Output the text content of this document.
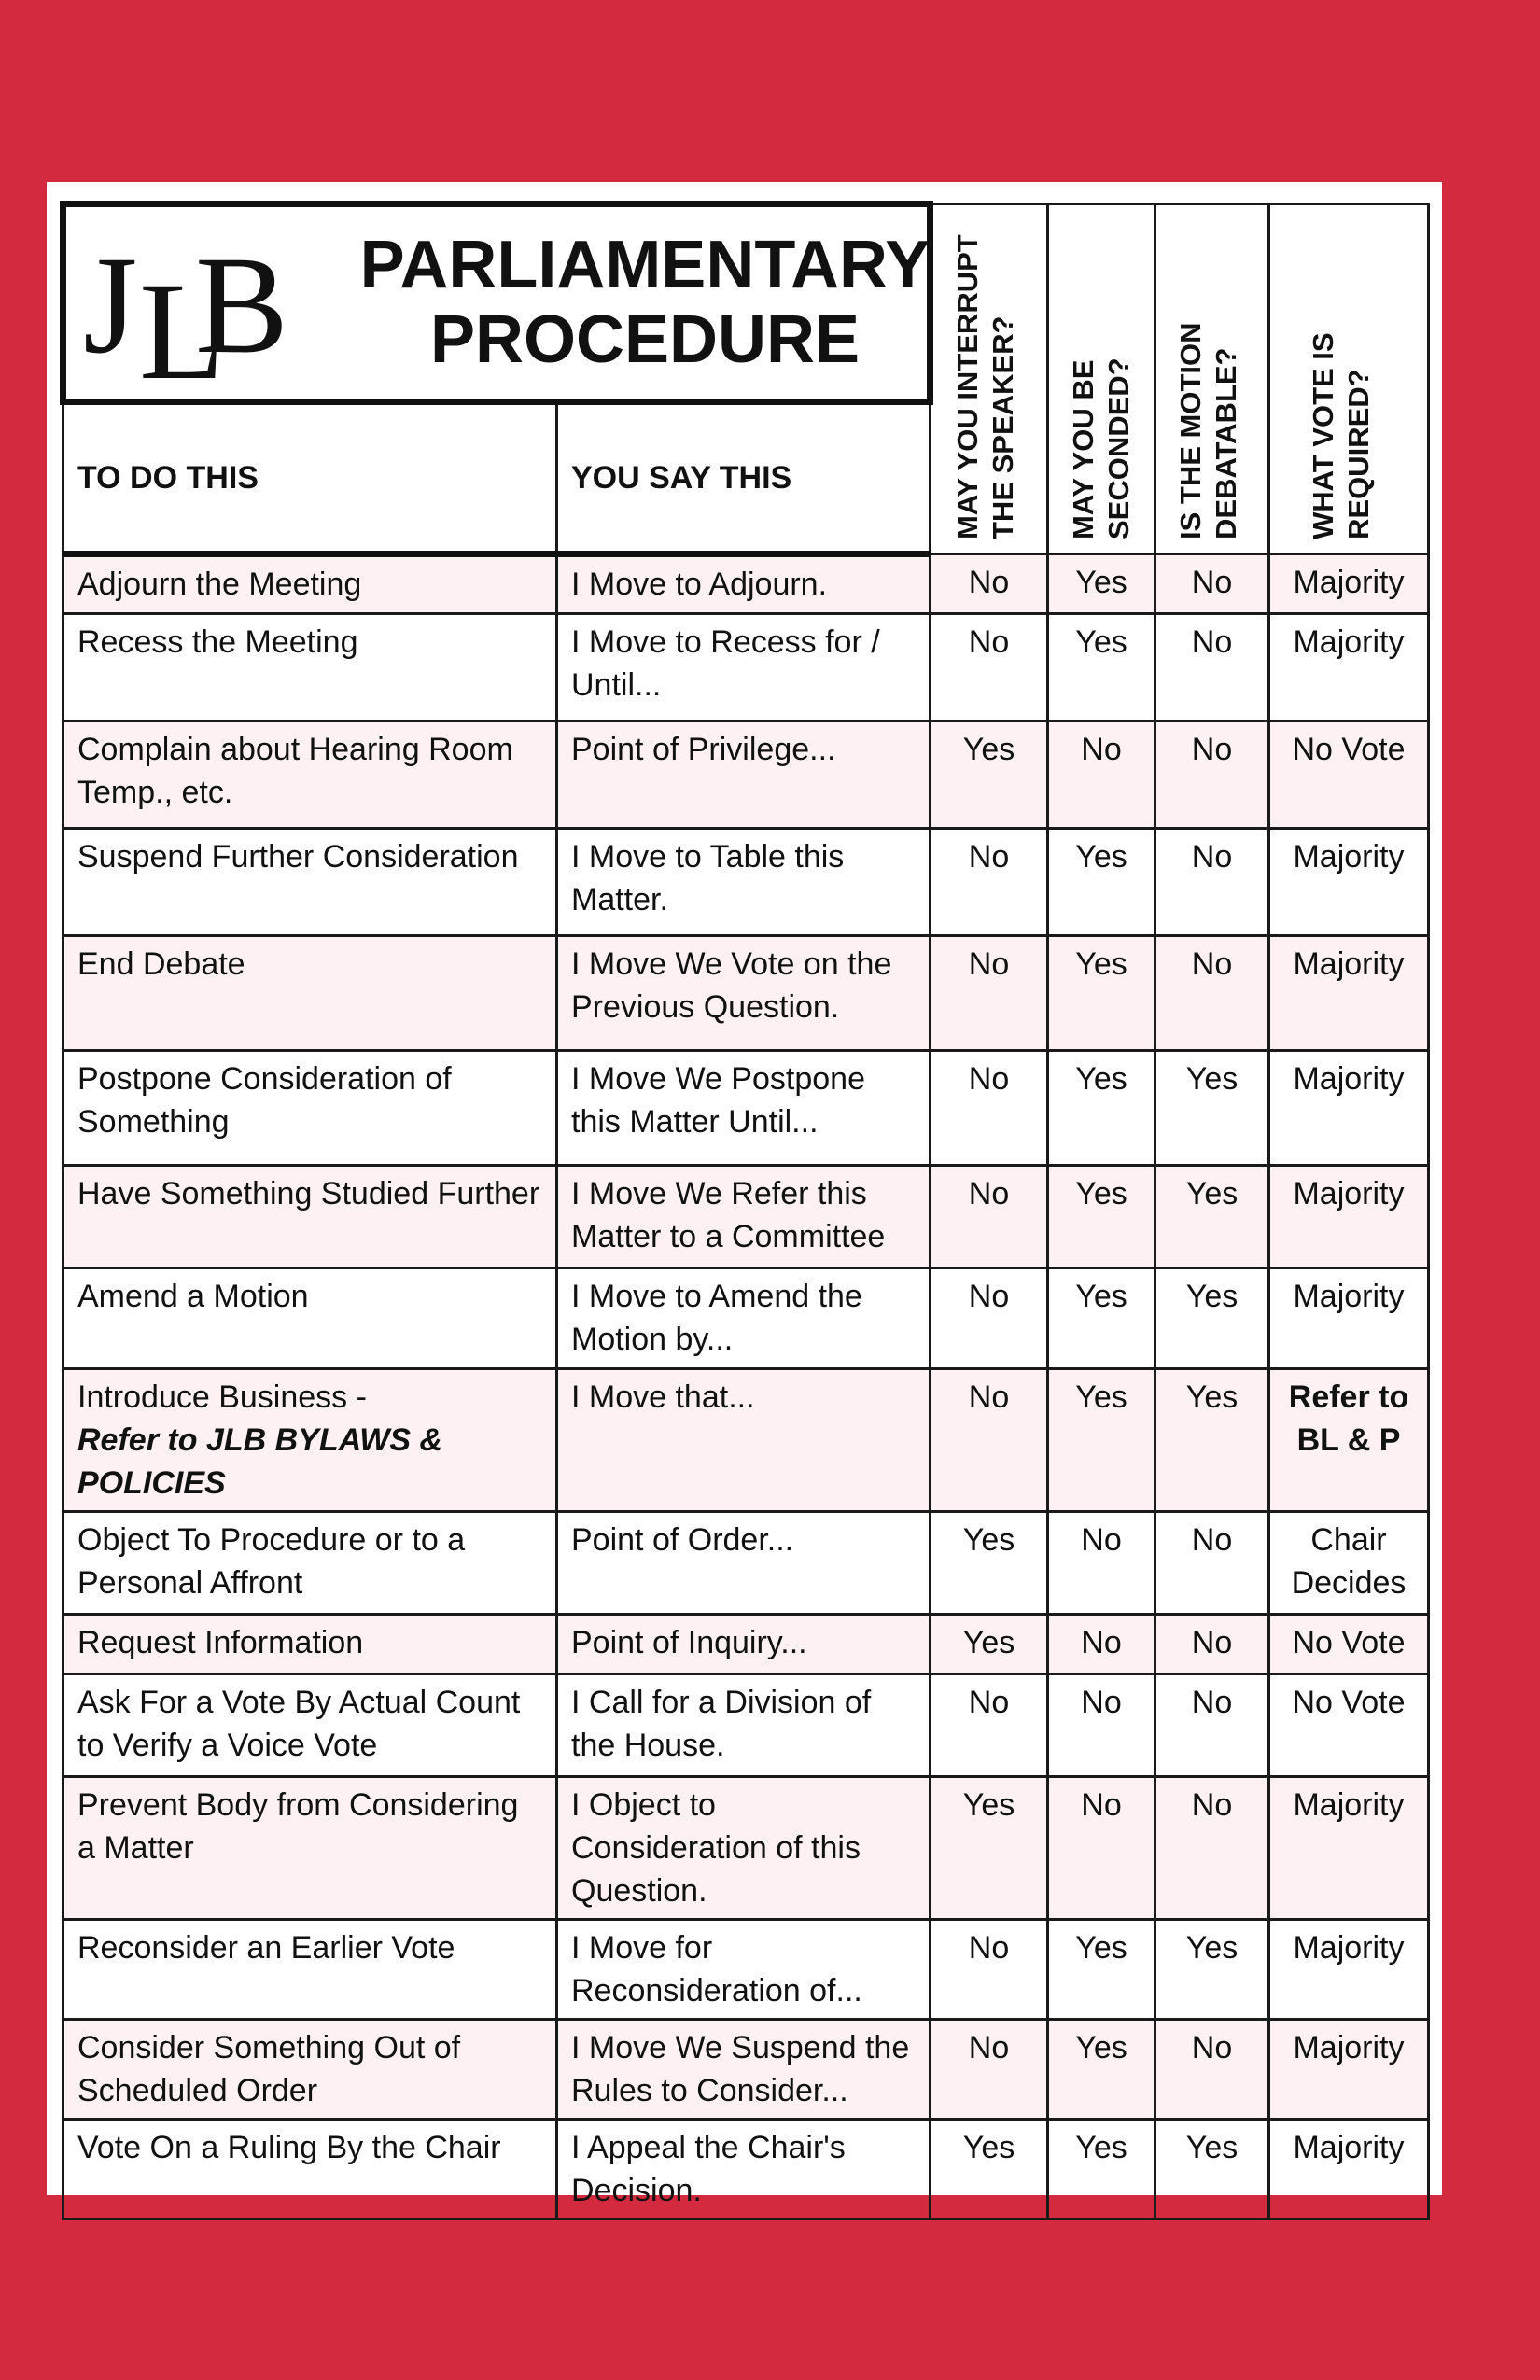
J L
B PARLIAMENTARY
PROCEDURE		MAY YOU INTERRUPT THE SPEAKER?	MAY YOU BE SECONDED?	IS THE MOTION DEBATABLE?	WHAT VOTE IS REQUIRED?

TO DO THIS	YOU SAY THIS				
Adjourn the Meeting	I Move to Adjourn.	No	Yes	No	Majority
Recess the Meeting	I Move to Recess for / Until...	No	Yes	No	Majority
Complain about Hearing Room Temp., etc.	Point of Privilege...	Yes	No	No	No Vote
Suspend Further Consideration	I Move to Table this Matter.	No	Yes	No	Majority
End Debate	I Move We Vote on the Previous Question.	No	Yes	No	Majority
Postpone Consideration of Something	I Move We Postpone this Matter Until...	No	Yes	Yes	Majority
Have Something Studied Further	I Move We Refer this Matter to a Committee	No	Yes	Yes	Majority
Amend a Motion	I Move to Amend the Motion by...	No	Yes	Yes	Majority
Introduce Business -
Refer to JLB BYLAWS & POLICIES	I Move that...	No	Yes	Yes	Refer to BL & P
Object To Procedure or to a Personal Affront	Point of Order...	Yes	No	No	Chair Decides
Request Information	Point of Inquiry...	Yes	No	No	No Vote
Ask For a Vote By Actual Count to Verify a Voice Vote	I Call for a Division of the House.	No	No	No	No Vote
Prevent Body from Considering a Matter	I Object to Consideration of this Question.	Yes	No	No	Majority
Reconsider an Earlier Vote	I Move for Reconsideration of...	No	Yes	Yes	Majority
Consider Something Out of Scheduled Order	I Move We Suspend the Rules to Consider...	No	Yes	No	Majority
Vote On a Ruling By the Chair	I Appeal the Chair's Decision.	Yes	Yes	Yes	Majority
